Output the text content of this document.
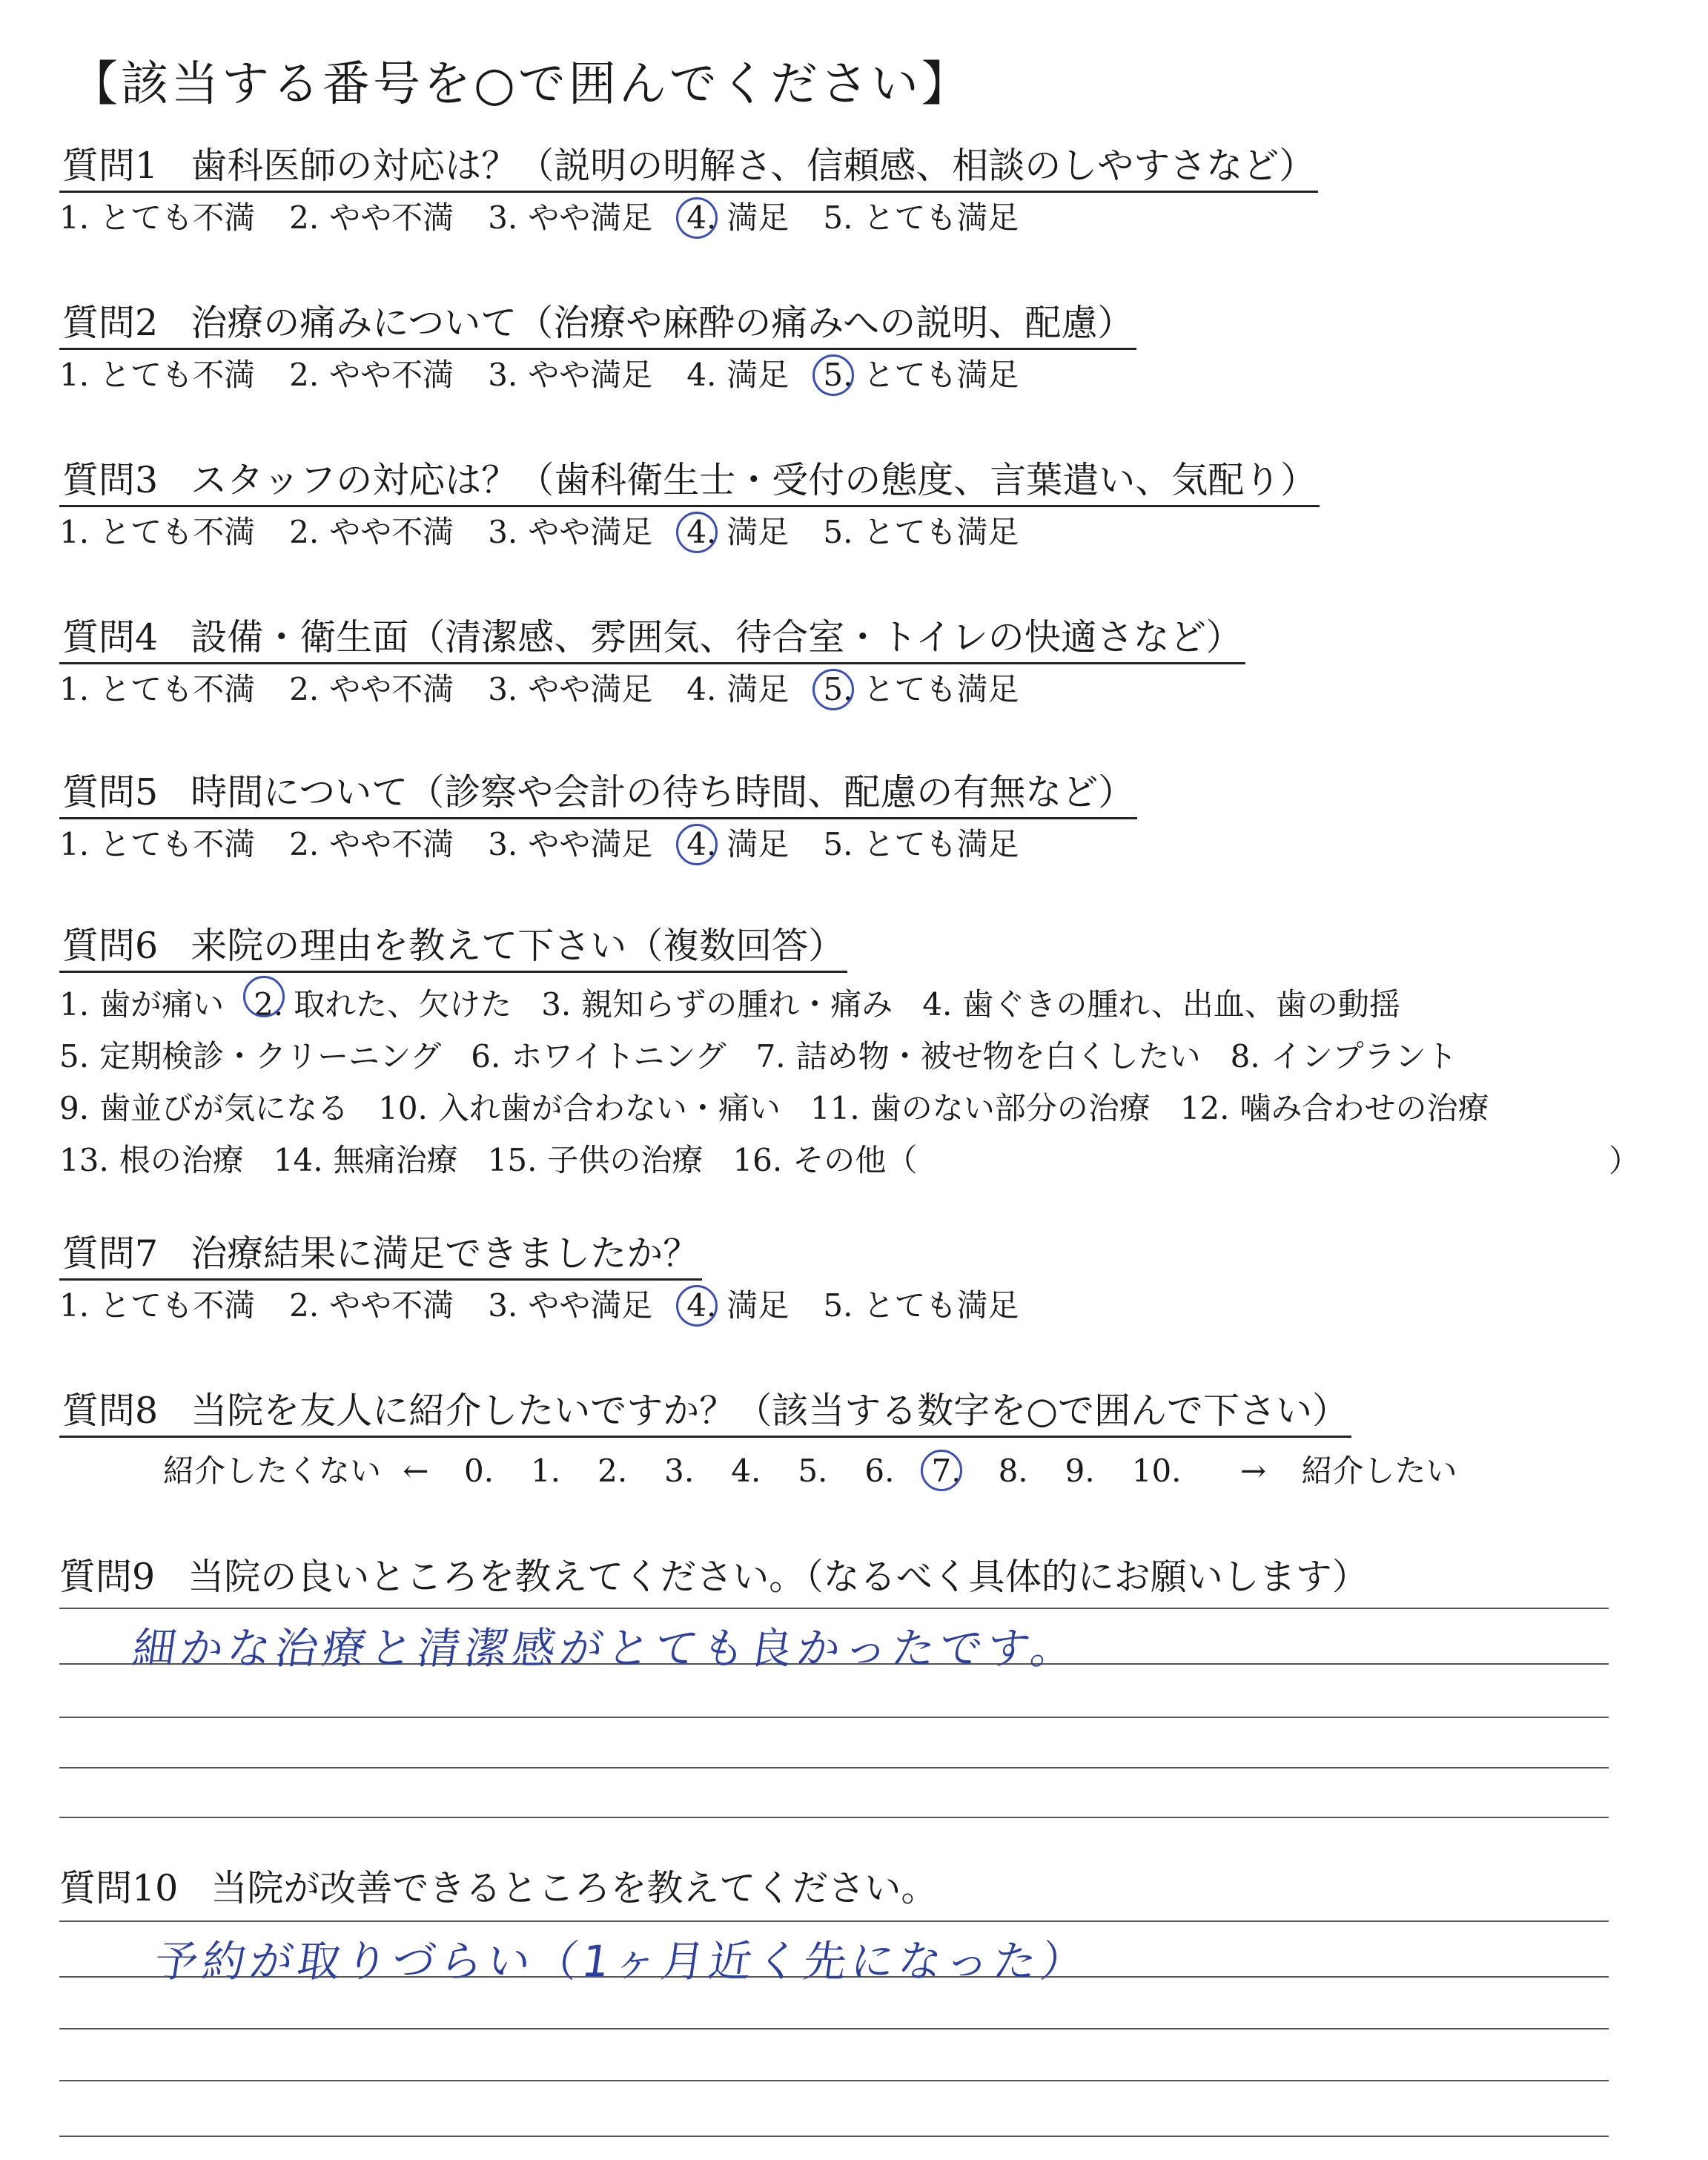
【該当する番号を○で囲んでください】
質問1 歯科医師の対応は？（説明の明解さ、信頼感、相談のしやすさなど）
1. とても不満 2. やや不満 3. やや満足 4. 満足 5. とても満足
質問2 治療の痛みについて（治療や麻酔の痛みへの説明、配慮）
1. とても不満 2. やや不満 3. やや満足 4. 満足 5. とても満足
質問3 スタッフの対応は？（歯科衛生士・受付の態度、言葉遣い、気配り）
1. とても不満 2. やや不満 3. やや満足 4. 満足 5. とても満足
質問4 設備・衛生面（清潔感、雰囲気、待合室・トイレの快適さなど）
1. とても不満 2. やや不満 3. やや満足 4. 満足 5. とても満足
質問5 時間について（診察や会計の待ち時間、配慮の有無など）
1. とても不満 2. やや不満 3. やや満足 4. 満足 5. とても満足
質問6 来院の理由を教えて下さい（複数回答）
1. 歯が痛い 2. 取れた、欠けた 3. 親知らずの腫れ・痛み 4. 歯ぐきの腫れ、出血、歯の動揺
5. 定期検診・クリーニング 6. ホワイトニング 7. 詰め物・被せ物を白くしたい 8. インプラント
9. 歯並びが気になる 10. 入れ歯が合わない・痛い 11. 歯のない部分の治療 12. 噛み合わせの治療
13. 根の治療 14. 無痛治療 15. 子供の治療 16. その他（	）
質問7 治療結果に満足できましたか？
1. とても不満 2. やや不満 3. やや満足 4. 満足 5. とても満足
質問8 当院を友人に紹介したいですか？（該当する数字を○で囲んで下さい）
紹介したくない ← 0. 1. 2. 3. 4. 5. 6. 7. 8. 9. 10. → 紹介したい
質問9 当院の良いところを教えてください。（なるべく具体的にお願いします）
細かな治療と清潔感がとても良かったです。
質問10 当院が改善できるところを教えてください。
予約が取りづらい（1ヶ月近く先になった）
